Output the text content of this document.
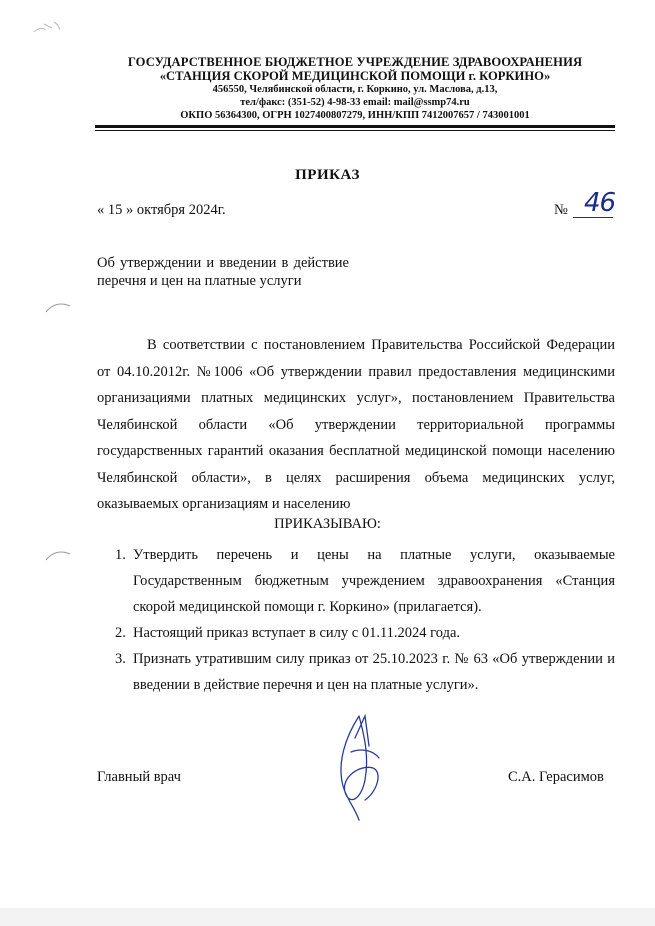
ГОСУДАРСТВЕННОЕ БЮДЖЕТНОЕ УЧРЕЖДЕНИЕ ЗДРАВООХРАНЕНИЯ
«СТАНЦИЯ СКОРОЙ МЕДИЦИНСКОЙ ПОМОЩИ г. КОРКИНО»
456550, Челябинской области, г. Коркино, ул. Маслова, д.13,
тел/факс: (351-52) 4-98-33 email: mail@ssmp74.ru
ОКПО 56364300, ОГРН 1027400807279, ИНН/КПП 7412007657 / 743001001
ПРИКАЗ
« 15 » октября 2024г.	№ 46
Об утверждении и введении в действие перечня и цен на платные услуги
В соответствии с постановлением Правительства Российской Федерации от 04.10.2012г. №1006 «Об утверждении правил предоставления медицинскими организациями платных медицинских услуг», постановлением Правительства Челябинской области «Об утверждении территориальной программы государственных гарантий оказания бесплатной медицинской помощи населению Челябинской области», в целях расширения объема медицинских услуг, оказываемых организациям и населению
ПРИКАЗЫВАЮ:
1. Утвердить перечень и цены на платные услуги, оказываемые Государственным бюджетным учреждением здравоохранения «Станция скорой медицинской помощи г. Коркино» (прилагается).
2. Настоящий приказ вступает в силу с 01.11.2024 года.
3. Признать утратившим силу приказ от 25.10.2023 г. № 63 «Об утверждении и введении в действие перечня и цен на платные услуги».
Главный врач	С.А. Герасимов
